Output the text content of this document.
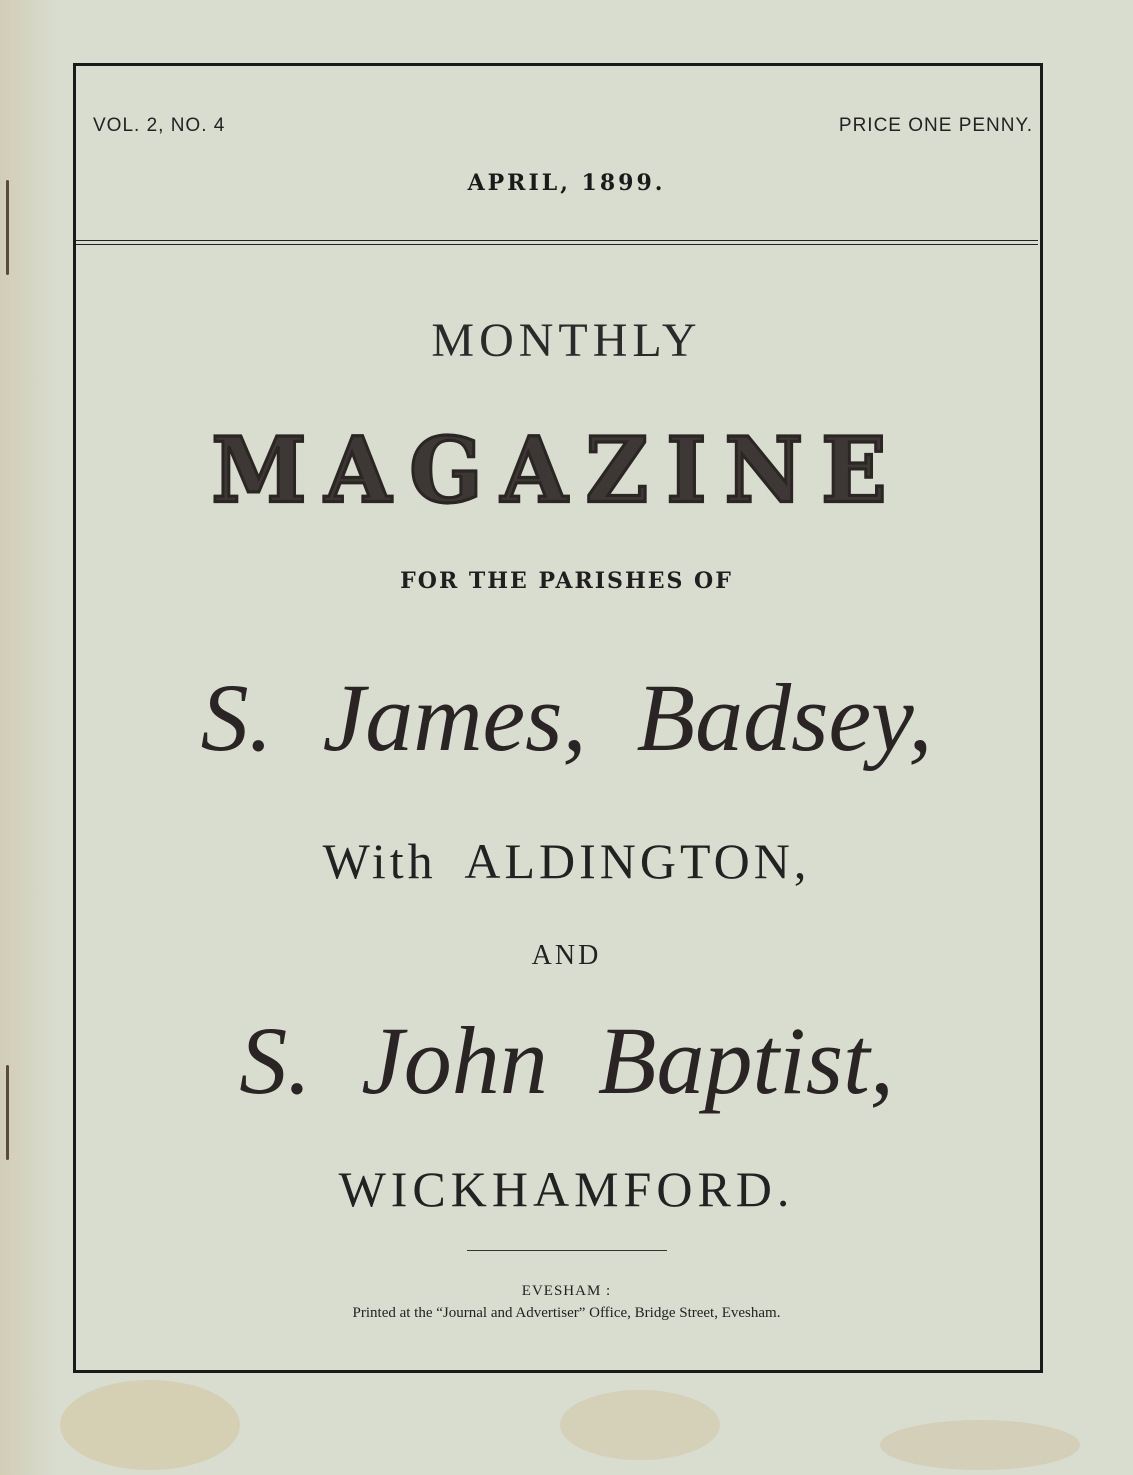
VOL. 2, NO. 4	PRICE ONE PENNY.
APRIL, 1899.
MONTHLY
MAGAZINE
FOR THE PARISHES OF
S. James, Badsey,
With ALDINGTON,
AND
S. John Baptist,
WICKHAMFORD.
EVESHAM :
Printed at the “Journal and Advertiser” Office, Bridge Street, Evesham.
